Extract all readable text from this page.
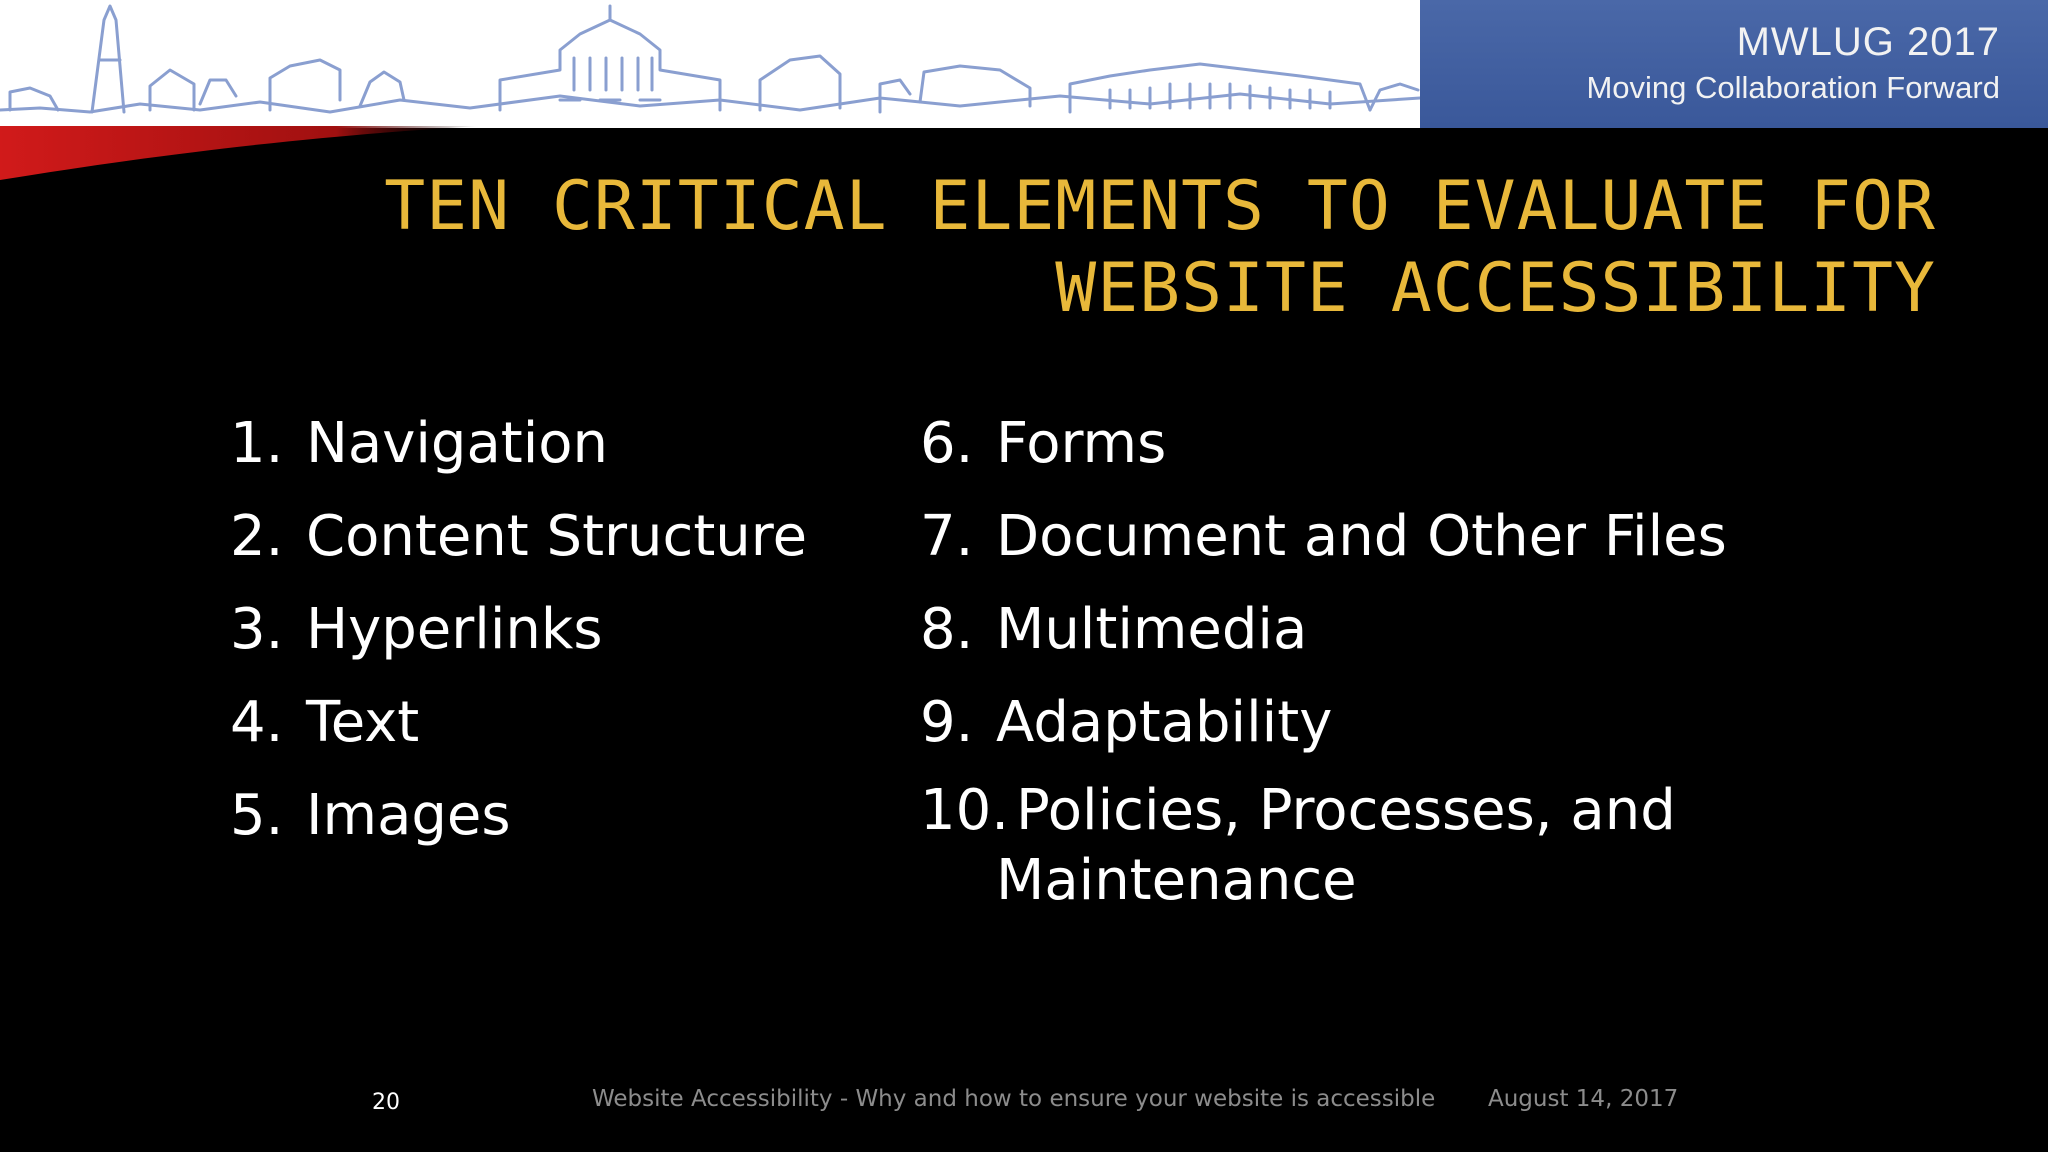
MWLUG 2017
Moving Collaboration Forward
TEN CRITICAL ELEMENTS TO EVALUATE FOR
WEBSITE ACCESSIBILITY
1. Navigation
2. Content Structure
3. Hyperlinks
4. Text
5. Images
6. Forms
7. Document and Other Files
8. Multimedia
9. Adaptability
10. Policies, Processes, and
Maintenance
20	Website Accessibility - Why and how to ensure your website is accessible August 14, 2017
